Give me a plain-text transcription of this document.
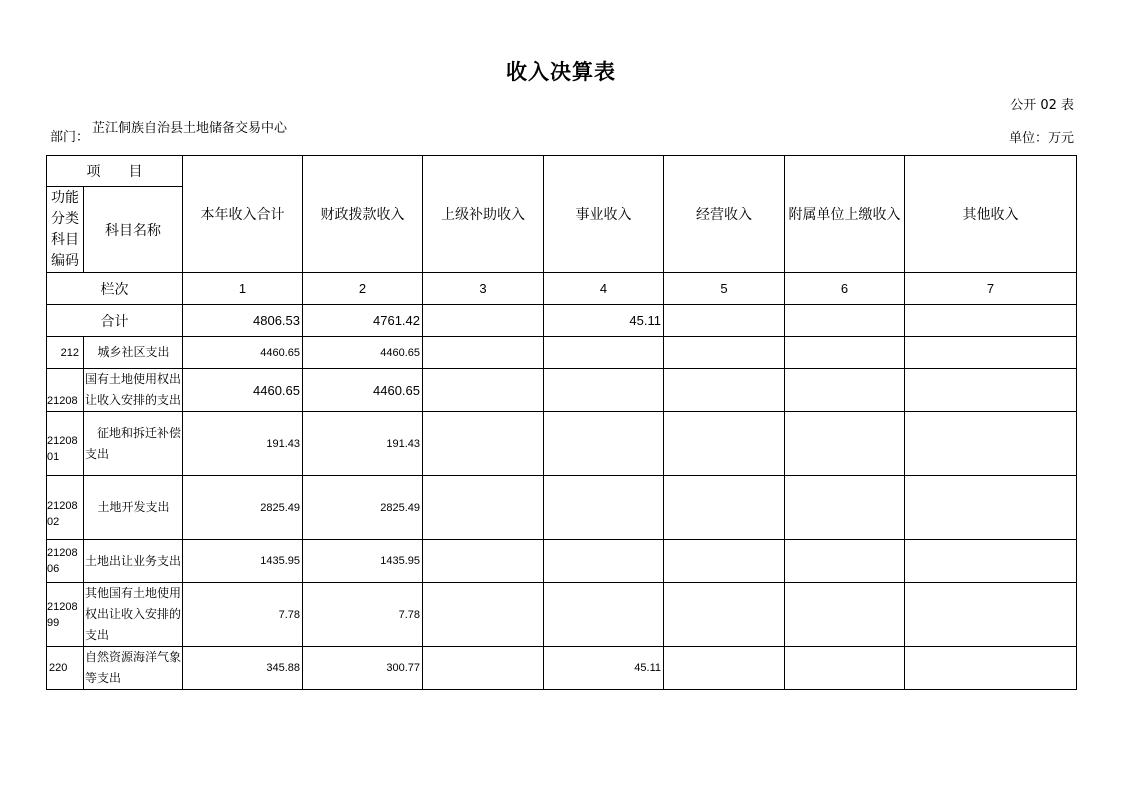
收入决算表
公开 02 表
部门：
芷江侗族自治县土地储备交易中心
单位：万元
项　　目		本年收入合计	财政拨款收入	上级补助收入	事业收入	经营收入	附属单位上缴收入	其他收入
功能分类科目编码	科目名称							
栏次		1	2	3	4	5	6	7
合计		4806.53	4761.42		45.11			
212	城乡社区支出	4460.65	4460.65					
21208	国有土地使用权出让收入安排的支出	4460.65	4460.65					
2120801	征地和拆迁补偿支出	191.43	191.43					
2120802	土地开发支出	2825.49	2825.49					
2120806	土地出让业务支出	1435.95	1435.95					
2120899	其他国有土地使用权出让收入安排的支出	7.78	7.78					
220	自然资源海洋气象等支出	345.88	300.77		45.11			
